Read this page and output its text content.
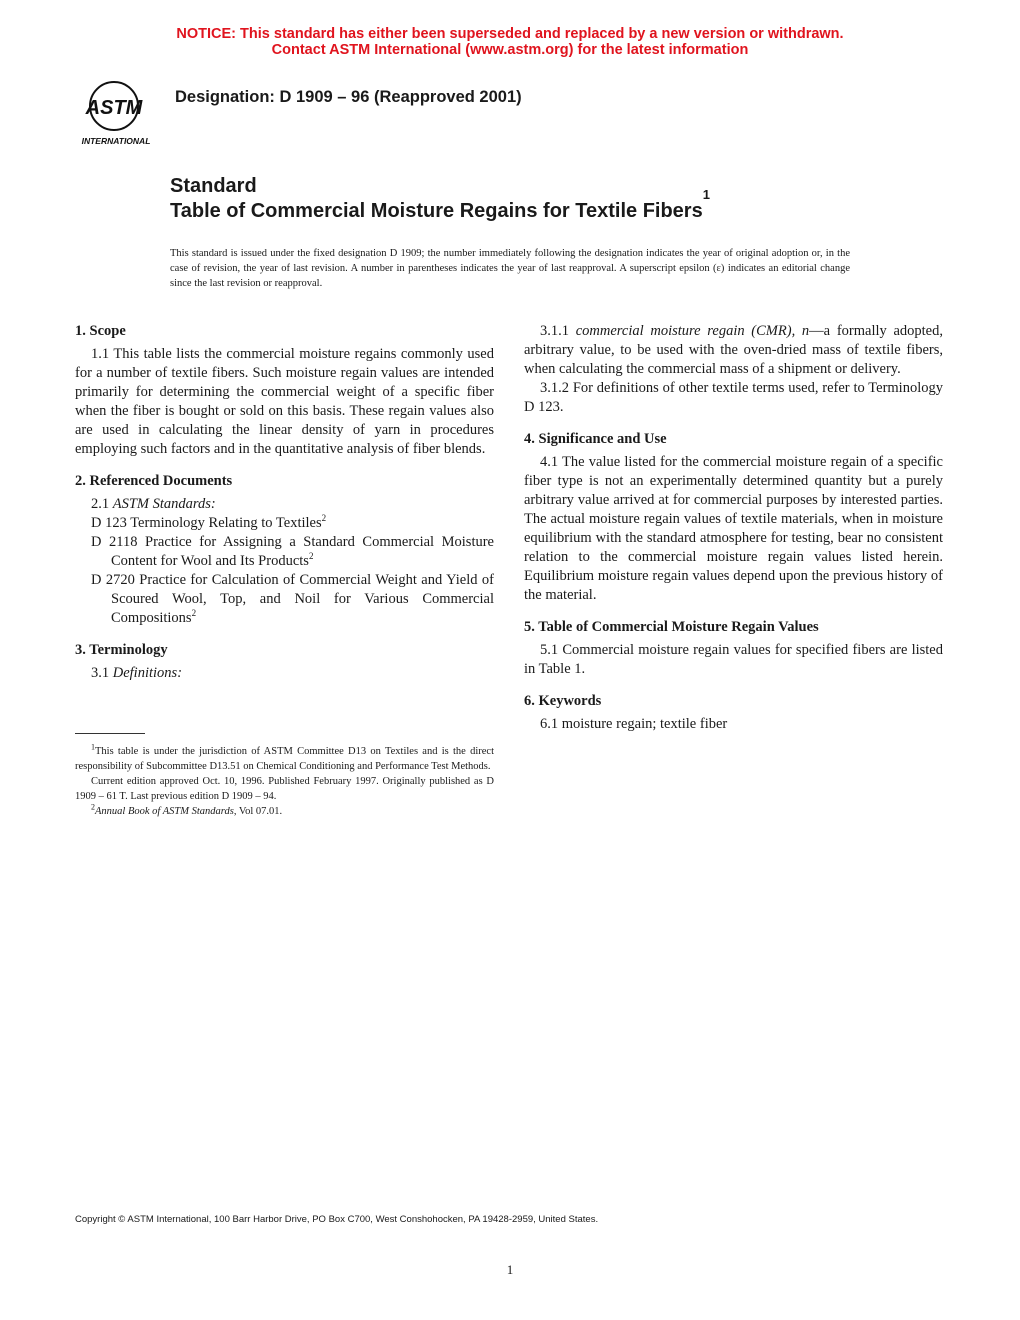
NOTICE: This standard has either been superseded and replaced by a new version or withdrawn.
Contact ASTM International (www.astm.org) for the latest information
ASTM
INTERNATIONAL
Designation: D 1909 – 96 (Reapproved 2001)
Standard
Table of Commercial Moisture Regains for Textile Fibers$^1$
This standard is issued under the fixed designation D 1909; the number immediately following the designation indicates the year of original adoption or, in the case of revision, the year of last revision. A number in parentheses indicates the year of last reapproval. A superscript epsilon (ε) indicates an editorial change since the last revision or reapproval.
1. Scope

1.1 This table lists the commercial moisture regains commonly used for a number of textile fibers. Such moisture regain values are intended primarily for determining the commercial weight of a specific fiber when the fiber is bought or sold on this basis. These regain values also are used in calculating the linear density of yarn in procedures employing such factors and in the quantitative analysis of fiber blends.

2. Referenced Documents

2.1 ASTM Standards:

D 123 Terminology Relating to Textiles$^2$

D 2118 Practice for Assigning a Standard Commercial Moisture Content for Wool and Its Products$^2$

D 2720 Practice for Calculation of Commercial Weight and Yield of Scoured Wool, Top, and Noil for Various Commercial Compositions$^2$

3. Terminology

3.1 Definitions:

$^1$This table is under the jurisdiction of ASTM Committee D13 on Textiles and is the direct responsibility of Subcommittee D13.51 on Chemical Conditioning and Performance Test Methods.

Current edition approved Oct. 10, 1996. Published February 1997. Originally published as D 1909 – 61 T. Last previous edition D 1909 – 94.

$^2$Annual Book of ASTM Standards, Vol 07.01.

3.1.1 commercial moisture regain (CMR), n—a formally adopted, arbitrary value, to be used with the oven-dried mass of textile fibers, when calculating the commercial mass of a shipment or delivery.

3.1.2 For definitions of other textile terms used, refer to Terminology D 123.

4. Significance and Use

4.1 The value listed for the commercial moisture regain of a specific fiber type is not an experimentally determined quantity but a purely arbitrary value arrived at for commercial purposes by interested parties. The actual moisture regain values of textile materials, when in moisture equilibrium with the standard atmosphere for testing, bear no consistent relation to the commercial moisture regain values listed herein. Equilibrium moisture regain values depend upon the previous history of the material.

5. Table of Commercial Moisture Regain Values

5.1 Commercial moisture regain values for specified fibers are listed in Table 1.

6. Keywords

6.1 moisture regain; textile fiber

Copyright © ASTM International, 100 Barr Harbor Drive, PO Box C700, West Conshohocken, PA 19428-2959, United States.
1
